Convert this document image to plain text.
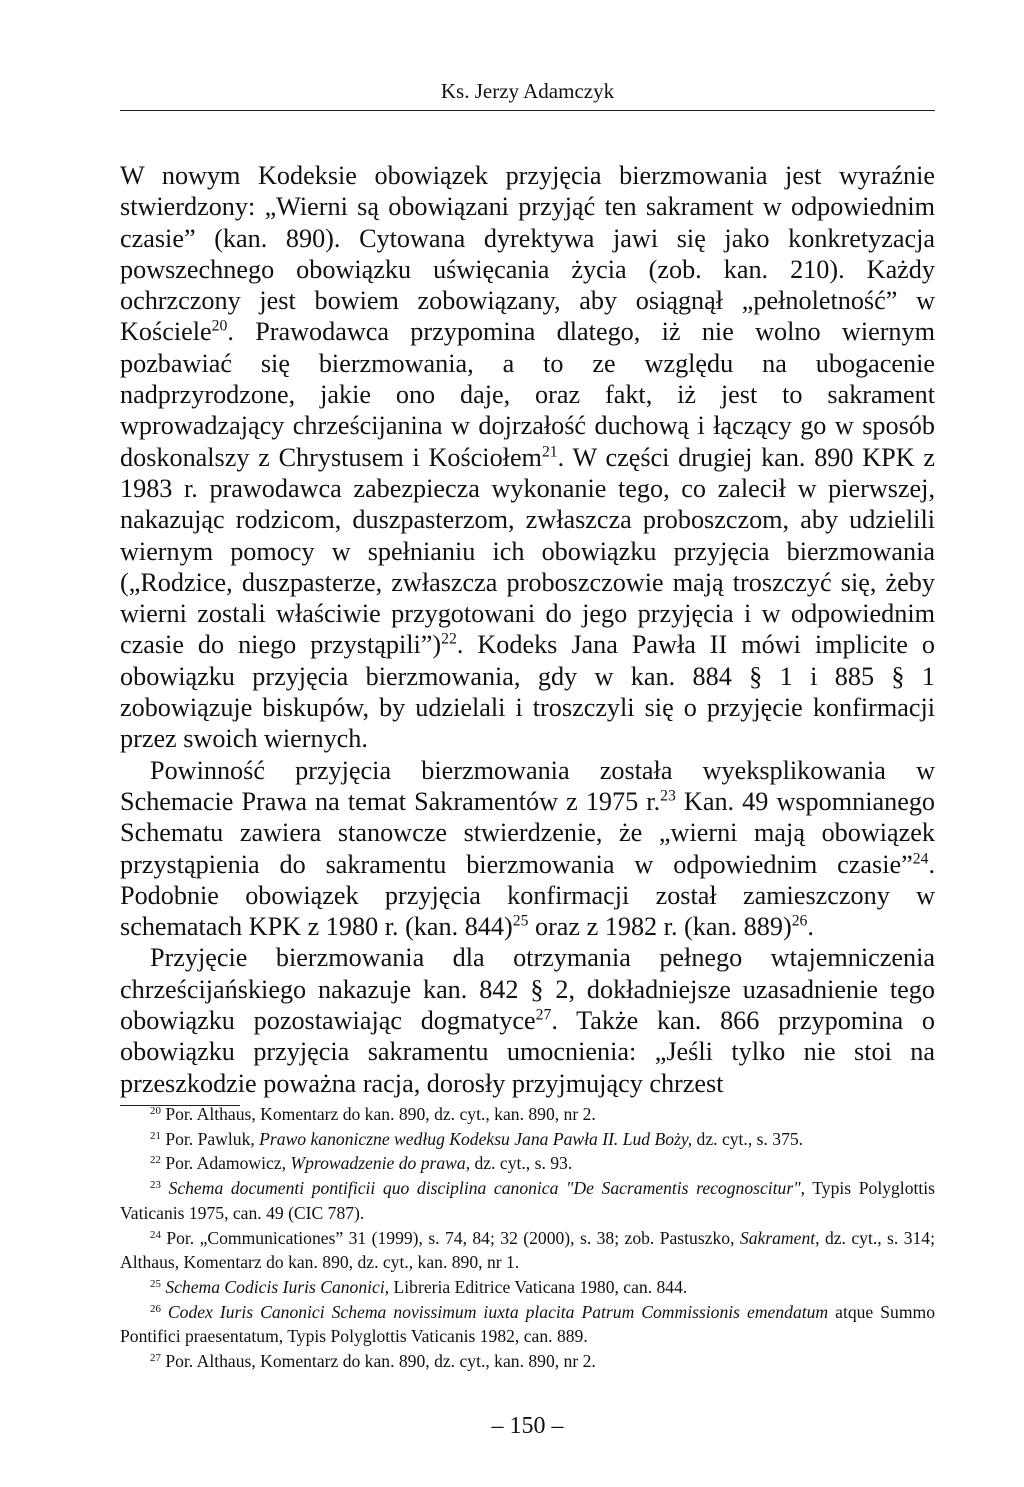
Ks. Jerzy Adamczyk

W nowym Kodeksie obowiązek przyjęcia bierzmowania jest wyraźnie stwierdzony: „Wierni są obowiązani przyjąć ten sakrament w odpowiednim czasie” (kan. 890). Cytowana dyrektywa jawi się jako konkretyzacja powszechnego obowiązku uświęcania życia (zob. kan. 210). Każdy ochrzczony jest bowiem zobowiązany, aby osiągnął „pełnoletność” w Kościele$^{20}$. Prawodawca przypomina dlatego, iż nie wolno wiernym pozbawiać się bierzmowania, a to ze względu na ubogacenie nadprzyrodzone, jakie ono daje, oraz fakt, iż jest to sakrament wprowadzający chrześcijanina w dojrzałość duchową i łączący go w sposób doskonalszy z Chrystusem i Kościołem$^{21}$. W części drugiej kan. 890 KPK z 1983 r. prawodawca zabezpiecza wykonanie tego, co zalecił w pierwszej, nakazując rodzicom, duszpasterzom, zwłaszcza proboszczom, aby udzielili wiernym pomocy w spełnianiu ich obowiązku przyjęcia bierzmowania („Rodzice, duszpasterze, zwłaszcza proboszczowie mają troszczyć się, żeby wierni zostali właściwie przygotowani do jego przyjęcia i w odpowiednim czasie do niego przystąpili”)$^{22}$. Kodeks Jana Pawła II mówi implicite o obowiązku przyjęcia bierzmowania, gdy w kan. 884 § 1 i 885 § 1 zobowiązuje biskupów, by udzielali i troszczyli się o przyjęcie konfirmacji przez swoich wiernych.

Powinność przyjęcia bierzmowania została wyeksplikowania w Schemacie Prawa na temat Sakramentów z 1975 r.$^{23}$ Kan. 49 wspomnianego Schematu zawiera stanowcze stwierdzenie, że „wierni mają obowiązek przystąpienia do sakramentu bierzmowania w odpowiednim czasie”$^{24}$. Podobnie obowiązek przyjęcia konfirmacji został zamieszczony w schematach KPK z 1980 r. (kan. 844)$^{25}$ oraz z 1982 r. (kan. 889)$^{26}$.

Przyjęcie bierzmowania dla otrzymania pełnego wtajemniczenia chrześcijańskiego nakazuje kan. 842 § 2, dokładniejsze uzasadnienie tego obowiązku pozostawiając dogmatyce$^{27}$. Także kan. 866 przypomina o obowiązku przyjęcia sakramentu umocnienia: „Jeśli tylko nie stoi na przeszkodzie poważna racja, dorosły przyjmujący chrzest

$^{20}$ Por. Althaus, Komentarz do kan. 890, dz. cyt., kan. 890, nr 2.

$^{21}$ Por. Pawluk, Prawo kanoniczne według Kodeksu Jana Pawła II. Lud Boży, dz. cyt., s. 375.

$^{22}$ Por. Adamowicz, Wprowadzenie do prawa, dz. cyt., s. 93.

$^{23}$ Schema documenti pontificii quo disciplina canonica "De Sacramentis recognoscitur", Typis Polyglottis Vaticanis 1975, can. 49 (CIC 787).

$^{24}$ Por. „Communicationes” 31 (1999), s. 74, 84; 32 (2000), s. 38; zob. Pastuszko, Sakrament, dz. cyt., s. 314; Althaus, Komentarz do kan. 890, dz. cyt., kan. 890, nr 1.

$^{25}$ Schema Codicis Iuris Canonici, Libreria Editrice Vaticana 1980, can. 844.

$^{26}$ Codex Iuris Canonici Schema novissimum iuxta placita Patrum Commissionis emendatum atque Summo Pontifici praesentatum, Typis Polyglottis Vaticanis 1982, can. 889.

$^{27}$ Por. Althaus, Komentarz do kan. 890, dz. cyt., kan. 890, nr 2.

– 150 –
